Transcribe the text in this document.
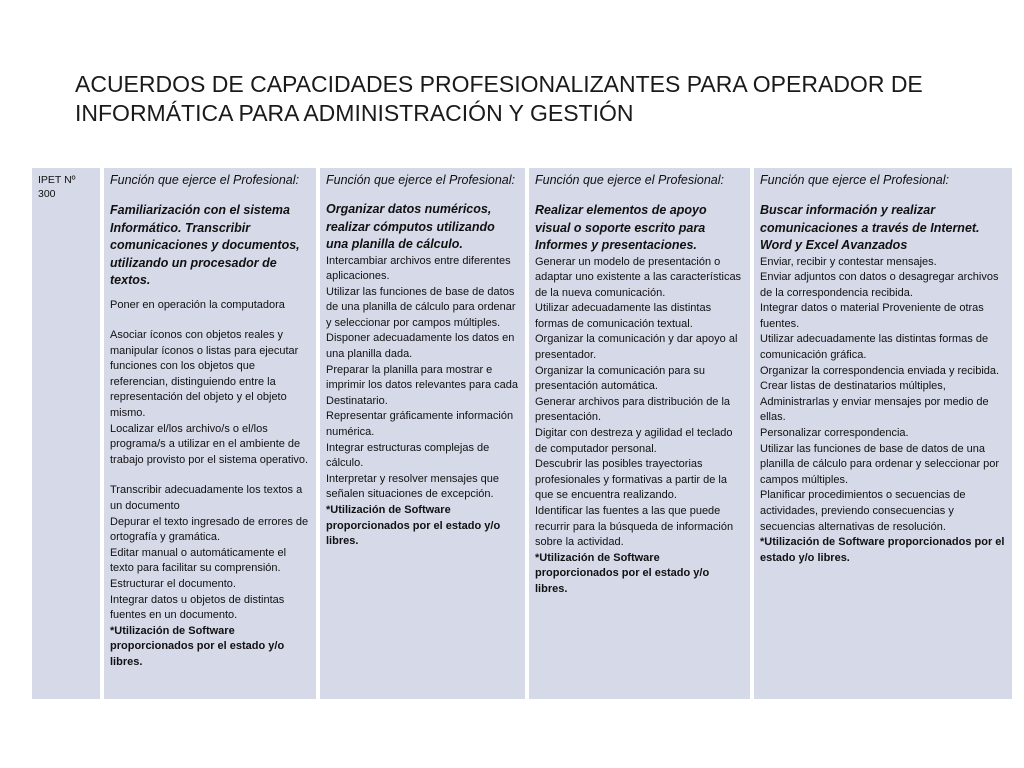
ACUERDOS DE CAPACIDADES PROFESIONALIZANTES PARA OPERADOR DE
INFORMÁTICA PARA ADMINISTRACIÓN Y GESTIÓN
IPET Nº
300
Función que ejerce el Profesional:
Familiarización con el sistema Informático. Transcribir comunicaciones y documentos, utilizando un procesador de textos.
Poner en operación la computadora
Asociar íconos con objetos reales y manipular íconos o listas para ejecutar funciones con los objetos que referencian, distinguiendo entre la representación del objeto y el objeto mismo.
Localizar el/los archivo/s o el/los programa/s a utilizar en el ambiente de trabajo provisto por el sistema operativo.
Transcribir adecuadamente los textos a un documento
Depurar el texto ingresado de errores de ortografía y gramática.
Editar manual o automáticamente el texto para facilitar su comprensión.
Estructurar el documento.
Integrar datos u objetos de distintas fuentes en un documento.
*Utilización de Software proporcionados por el estado y/o libres.
Función que ejerce el Profesional:
Organizar datos numéricos, realizar cómputos utilizando una planilla de cálculo.
Intercambiar archivos entre diferentes aplicaciones.
Utilizar las funciones de base de datos de una planilla de cálculo para ordenar y seleccionar por campos múltiples.
Disponer adecuadamente los datos en una planilla dada.
Preparar la planilla para mostrar e imprimir los datos relevantes para cada Destinatario.
Representar gráficamente información numérica.
Integrar estructuras complejas de cálculo.
Interpretar y resolver mensajes que señalen situaciones de excepción.
*Utilización de Software proporcionados por el estado y/o libres.
Función que ejerce el Profesional:
Realizar elementos de apoyo visual o soporte escrito para Informes y presentaciones.
Generar un modelo de presentación o adaptar uno existente a las características de la nueva comunicación.
Utilizar adecuadamente las distintas formas de comunicación textual.
Organizar la comunicación y dar apoyo al presentador.
Organizar la comunicación para su presentación automática.
Generar archivos para distribución de la presentación.
Digitar con destreza y agilidad el teclado de computador personal.
Descubrir las posibles trayectorias profesionales y formativas a partir de la que se encuentra realizando.
Identificar las fuentes a las que puede recurrir para la búsqueda de información sobre la actividad.
*Utilización de Software proporcionados por el estado y/o libres.
Función que ejerce el Profesional:
Buscar información y realizar comunicaciones a través de Internet. Word y Excel Avanzados
Enviar, recibir y contestar mensajes.
Enviar adjuntos con datos o desagregar archivos de la correspondencia recibida.
Integrar datos o material Proveniente de otras fuentes.
Utilizar adecuadamente las distintas formas de comunicación gráfica.
Organizar la correspondencia enviada y recibida.
Crear listas de destinatarios múltiples, Administrarlas y enviar mensajes por medio de ellas.
Personalizar correspondencia.
Utilizar las funciones de base de datos de una planilla de cálculo para ordenar y seleccionar por campos múltiples.
Planificar procedimientos o secuencias de actividades, previendo consecuencias y secuencias alternativas de resolución.
*Utilización de Software proporcionados por el estado y/o libres.
